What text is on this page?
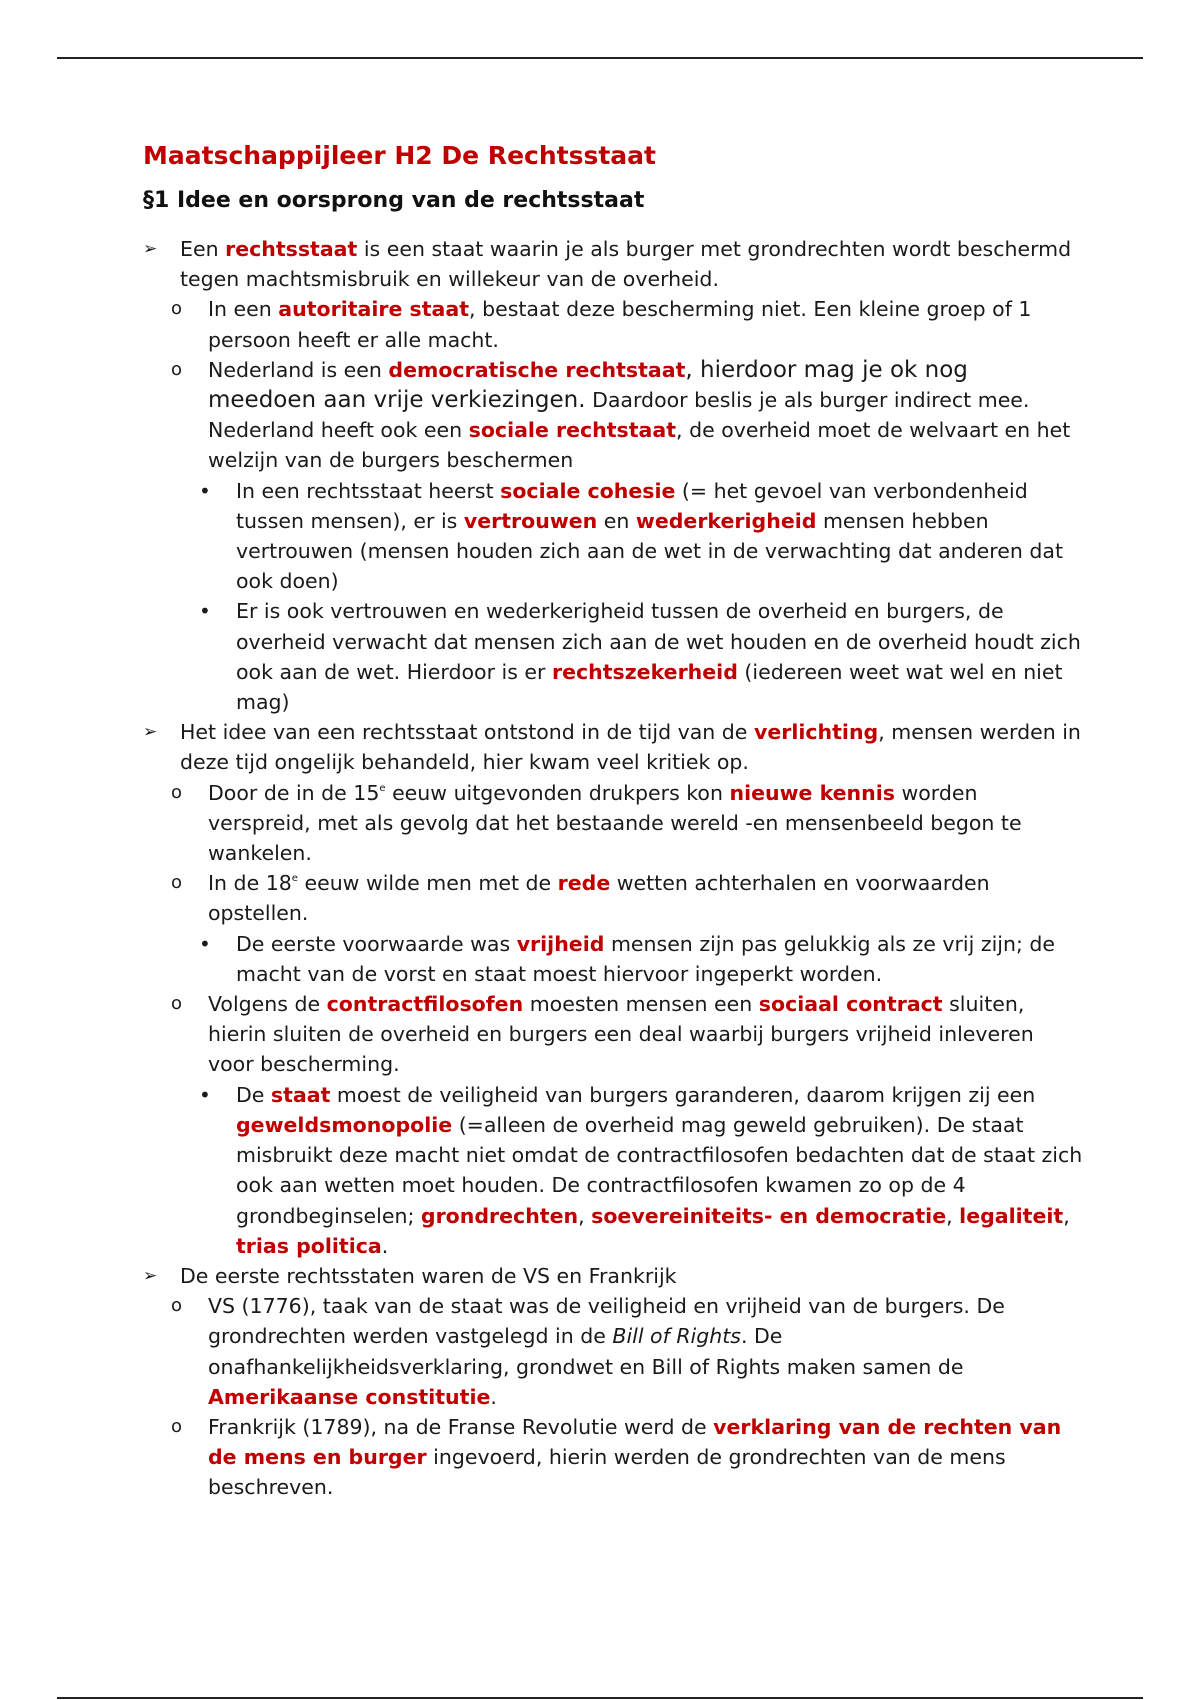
Maatschappijleer H2 De Rechtsstaat
§1 Idee en oorsprong van de rechtsstaat

➢ Een rechtsstaat is een staat waarin je als burger met grondrechten wordt beschermd tegen machtsmisbruik en willekeur van de overheid.

o In een autoritaire staat, bestaat deze bescherming niet. Een kleine groep of 1 persoon heeft er alle macht.

o Nederland is een democratische rechtstaat, hierdoor mag je ok nog meedoen aan vrije verkiezingen. Daardoor beslis je als burger indirect mee. Nederland heeft ook een sociale rechtstaat, de overheid moet de welvaart en het welzijn van de burgers beschermen

• In een rechtsstaat heerst sociale cohesie (= het gevoel van verbondenheid tussen mensen), er is vertrouwen en wederkerigheid mensen hebben vertrouwen (mensen houden zich aan de wet in de verwachting dat anderen dat ook doen)

• Er is ook vertrouwen en wederkerigheid tussen de overheid en burgers, de overheid verwacht dat mensen zich aan de wet houden en de overheid houdt zich ook aan de wet. Hierdoor is er rechtszekerheid (iedereen weet wat wel en niet mag)

➢ Het idee van een rechtsstaat ontstond in de tijd van de verlichting, mensen werden in deze tijd ongelijk behandeld, hier kwam veel kritiek op.

o Door de in de 15e eeuw uitgevonden drukpers kon nieuwe kennis worden verspreid, met als gevolg dat het bestaande wereld -en mensenbeeld begon te wankelen.

o In de 18e eeuw wilde men met de rede wetten achterhalen en voorwaarden opstellen.

• De eerste voorwaarde was vrijheid mensen zijn pas gelukkig als ze vrij zijn; de macht van de vorst en staat moest hiervoor ingeperkt worden.

o Volgens de contractfilosofen moesten mensen een sociaal contract sluiten, hierin sluiten de overheid en burgers een deal waarbij burgers vrijheid inleveren voor bescherming.

• De staat moest de veiligheid van burgers garanderen, daarom krijgen zij een geweldsmonopolie (=alleen de overheid mag geweld gebruiken). De staat misbruikt deze macht niet omdat de contractfilosofen bedachten dat de staat zich ook aan wetten moet houden. De contractfilosofen kwamen zo op de 4 grondbeginselen; grondrechten, soevereiniteits- en democratie, legaliteit, trias politica.

➢ De eerste rechtsstaten waren de VS en Frankrijk

o VS (1776), taak van de staat was de veiligheid en vrijheid van de burgers. De grondrechten werden vastgelegd in de Bill of Rights. De onafhankelijkheidsverklaring, grondwet en Bill of Rights maken samen de Amerikaanse constitutie.

o Frankrijk (1789), na de Franse Revolutie werd de verklaring van de rechten van de mens en burger ingevoerd, hierin werden de grondrechten van de mens beschreven.
